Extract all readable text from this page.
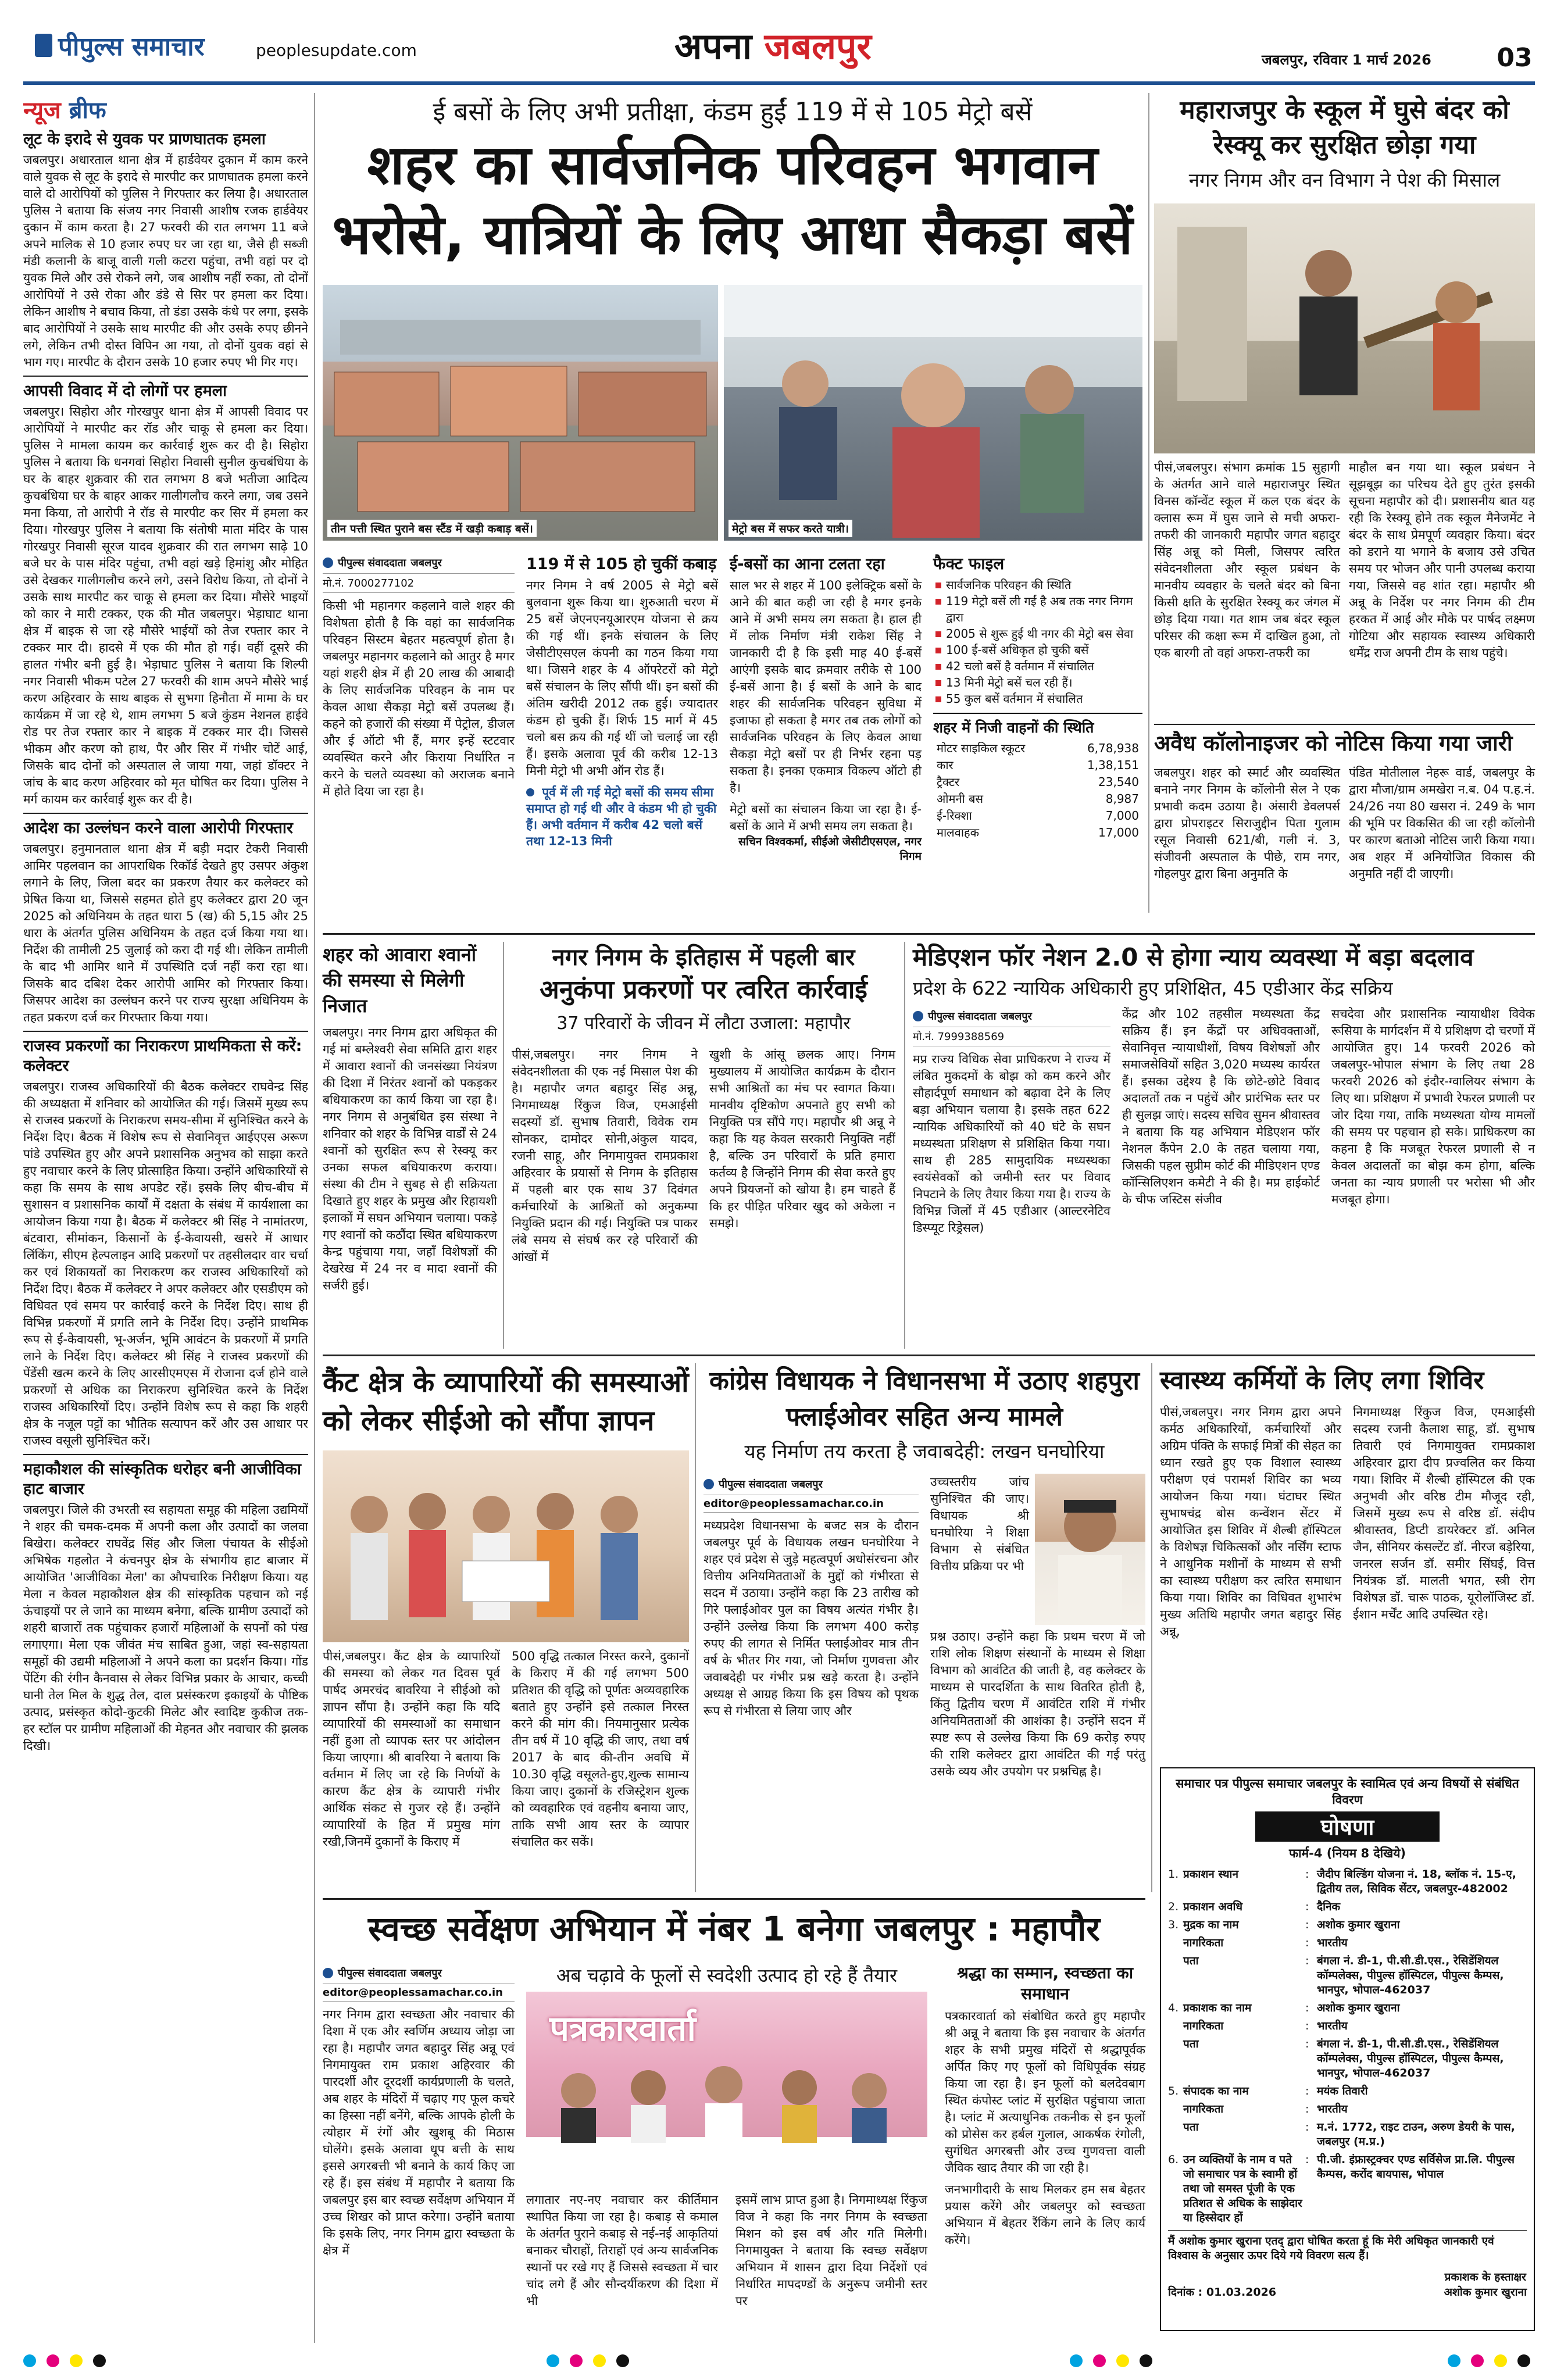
पीपुल्स समाचार	peoplesupdate.com	अपना जबलपुर	जबलपुर, रविवार 1 मार्च 2026	03
न्यूज ब्रीफ
लूट के इरादे से युवक पर प्राणघातक हमला
जबलपुर। अधारताल थाना क्षेत्र में हार्डवेयर दुकान में काम करने वाले युवक से लूट के इरादे से मारपीट कर प्राणघातक हमला करने वाले दो आरोपियों को पुलिस ने गिरफ्तार कर लिया है। अधारताल पुलिस ने बताया कि संजय नगर निवासी आशीष रजक हार्डवेयर दुकान में काम करता है। 27 फरवरी की रात लगभग 11 बजे अपने मालिक से 10 हजार रुपए घर जा रहा था, जैसे ही सब्जी मंडी कलानी के बाजू वाली गली कटरा पहुंचा, तभी वहां पर दो युवक मिले और उसे रोकने लगे, जब आशीष नहीं रुका, तो दोनों आरोपियों ने उसे रोका और डंडे से सिर पर हमला कर दिया। लेकिन आशीष ने बचाव किया, तो डंडा उसके कंधे पर लगा, इसके बाद आरोपियों ने उसके साथ मारपीट की और उसके रुपए छीनने लगे, लेकिन तभी दोस्त विपिन आ गया, तो दोनों युवक वहां से भाग गए। मारपीट के दौरान उसके 10 हजार रुपए भी गिर गए।
आपसी विवाद में दो लोगों पर हमला
जबलपुर। सिहोरा और गोरखपुर थाना क्षेत्र में आपसी विवाद पर आरोपियों ने मारपीट कर रॉड और चाकू से हमला कर दिया। पुलिस ने मामला कायम कर कार्रवाई शुरू कर दी है। सिहोरा पुलिस ने बताया कि धनगवां सिहोरा निवासी सुनील कुचबंधिया के घर के बाहर शुक्रवार की रात लगभग 8 बजे भतीजा आदित्य कुचबंधिया घर के बाहर आकर गालीगलौच करने लगा, जब उसने मना किया, तो आरोपी ने रॉड से मारपीट कर सिर में हमला कर दिया। गोरखपुर पुलिस ने बताया कि संतोषी माता मंदिर के पास गोरखपुर निवासी सूरज यादव शुक्रवार की रात लगभग साढ़े 10 बजे घर के पास मंदिर पहुंचा, तभी वहां खड़े हिमांशु और मोहित उसे देखकर गालीगलौच करने लगे, उसने विरोध किया, तो दोनों ने उसके साथ मारपीट कर चाकू से हमला कर दिया। मौसेरे भाइयों को कार ने मारी टक्कर, एक की मौत जबलपुर। भेड़ाघाट थाना क्षेत्र में बाइक से जा रहे मौसेरे भाईयों को तेज रफ्तार कार ने टक्कर मार दी। हादसे में एक की मौत हो गई। वहीं दूसरे की हालत गंभीर बनी हुई है। भेड़ाघाट पुलिस ने बताया कि शिल्पी नगर निवासी भीकम पटेल 27 फरवरी की शाम अपने मौसेरे भाई करण अहिरवार के साथ बाइक से सुभगा हिनौता में मामा के घर कार्यक्रम में जा रहे थे, शाम लगभग 5 बजे कुंडम नेशनल हाईवे रोड पर तेज रफ्तार कार ने बाइक में टक्कर मार दी। जिससे भीकम और करण को हाथ, पैर और सिर में गंभीर चोटें आई, जिसके बाद दोनों को अस्पताल ले जाया गया, जहां डॉक्टर ने जांच के बाद करण अहिरवार को मृत घोषित कर दिया। पुलिस ने मर्ग कायम कर कार्रवाई शुरू कर दी है।
आदेश का उल्लंघन करने वाला आरोपी गिरफ्तार
जबलपुर। हनुमानताल थाना क्षेत्र में बड़ी मदार टेकरी निवासी आमिर पहलवान का आपराधिक रिकॉर्ड देखते हुए उसपर अंकुश लगाने के लिए, जिला बदर का प्रकरण तैयार कर कलेक्टर को प्रेषित किया था, जिससे सहमत होते हुए कलेक्टर द्वारा 20 जून 2025 को अधिनियम के तहत धारा 5 (ख) की 5,15 और 25 धारा के अंतर्गत पुलिस अधिनियम के तहत दर्ज किया गया था। निर्देश की तामीली 25 जुलाई को करा दी गई थी। लेकिन तामीली के बाद भी आमिर थाने में उपस्थिति दर्ज नहीं करा रहा था। जिसके बाद दबिश देकर आरोपी आमिर को गिरफ्तार किया। जिसपर आदेश का उल्लंघन करने पर राज्य सुरक्षा अधिनियम के तहत प्रकरण दर्ज कर गिरफ्तार किया गया।
राजस्व प्रकरणों का निराकरण प्राथमिकता से करें: कलेक्टर
जबलपुर। राजस्व अधिकारियों की बैठक कलेक्टर राघवेन्द्र सिंह की अध्यक्षता में शनिवार को आयोजित की गई। जिसमें मुख्य रूप से राजस्व प्रकरणों के निराकरण समय-सीमा में सुनिश्चित करने के निर्देश दिए। बैठक में विशेष रूप से सेवानिवृत्त आईएएस अरूण पांडे उपस्थित हुए और अपने प्रशासनिक अनुभव को साझा करते हुए नवाचार करने के लिए प्रोत्साहित किया। उन्होंने अधिकारियों से कहा कि समय के साथ अपडेट रहें। इसके लिए बीच-बीच में सुशासन व प्रशासनिक कार्यों में दक्षता के संबंध में कार्यशाला का आयोजन किया गया है। बैठक में कलेक्टर श्री सिंह ने नामांतरण, बंटवारा, सीमांकन, किसानों के ई-केवायसी, खसरे में आधार लिंकिंग, सीएम हेल्पलाइन आदि प्रकरणों पर तहसीलदार वार चर्चा कर एवं शिकायतों का निराकरण कर राजस्व अधिकारियों को निर्देश दिए। बैठक में कलेक्टर ने अपर कलेक्टर और एसडीएम को विधिवत एवं समय पर कार्रवाई करने के निर्देश दिए। साथ ही विभिन्न प्रकरणों में प्रगति लाने के निर्देश दिए। उन्होंने प्राथमिक रूप से ई-केवायसी, भू-अर्जन, भूमि आवंटन के प्रकरणों में प्रगति लाने के निर्देश दिए। कलेक्टर श्री सिंह ने राजस्व प्रकरणों की पेंडेंसी खत्म करने के लिए आरसीएमएस में रोजाना दर्ज होने वाले प्रकरणों से अधिक का निराकरण सुनिश्चित करने के निर्देश राजस्व अधिकारियों दिए। उन्होंने विशेष रूप से कहा कि शहरी क्षेत्र के नजूल पट्टों का भौतिक सत्यापन करें और उस आधार पर राजस्व वसूली सुनिश्चित करें।
महाकौशल की सांस्कृतिक धरोहर बनी आजीविका हाट बाजार
जबलपुर। जिले की उभरती स्व सहायता समूह की महिला उद्यमियों ने शहर की चमक-दमक में अपनी कला और उत्पादों का जलवा बिखेरा। कलेक्टर राघवेंद्र सिंह और जिला पंचायत के सीईओ अभिषेक गहलोत ने कंचनपुर क्षेत्र के संभागीय हाट बाजार में आयोजित 'आजीविका मेला' का औपचारिक निरीक्षण किया। यह मेला न केवल महाकौशल क्षेत्र की सांस्कृतिक पहचान को नई ऊंचाइयों पर ले जाने का माध्यम बनेगा, बल्कि ग्रामीण उत्पादों को शहरी बाजारों तक पहुंचाकर हजारों महिलाओं के सपनों को पंख लगाएगा। मेला एक जीवंत मंच साबित हुआ, जहां स्व-सहायता समूहों की उद्यमी महिलाओं ने अपने कला का प्रदर्शन किया। गोंड पेंटिंग की रंगीन कैनवास से लेकर विभिन्न प्रकार के आचार, कच्ची घानी तेल मिल के शुद्ध तेल, दाल प्रसंस्करण इकाइयों के पौष्टिक उत्पाद, प्रसंस्कृत कोदो-कुटकी मिलेट और स्वादिष्ट कुकीज तक-हर स्टॉल पर ग्रामीण महिलाओं की मेहनत और नवाचार की झलक दिखी।
ई बसों के लिए अभी प्रतीक्षा, कंडम हुईं 119 में से 105 मेट्रो बसें
शहर का सार्वजनिक परिवहन भगवान
भरोसे, यात्रियों के लिए आधा सैकड़ा बसें
तीन पत्ती स्थित पुराने बस स्टैंड में खड़ी कबाड़ बसें।	मेट्रो बस में सफर करते यात्री।
पीपुल्स संवाददाता जबलपुर
मो.नं. 7000277102
किसी भी महानगर कहलाने वाले शहर की विशेषता होती है कि वहां का सार्वजनिक परिवहन सिस्टम बेहतर महत्वपूर्ण होता है। जबलपुर महानगर कहलाने को आतुर है मगर यहां शहरी क्षेत्र में ही 20 लाख की आबादी के लिए सार्वजनिक परिवहन के नाम पर केवल आधा सैकड़ा मेट्रो बसें उपलब्ध हैं। कहने को हजारों की संख्या में पेट्रोल, डीजल और ई ऑटो भी हैं, मगर इन्हें स्टटवार व्यवस्थित करने और किराया निर्धारित न करने के चलते व्यवस्था को अराजक बनाने में होते दिया जा रहा है।
119 में से 105 हो चुकीं कबाड़
नगर निगम ने वर्ष 2005 से मेट्रो बसें बुलवाना शुरू किया था। शुरुआती चरण में 25 बसें जेएनएनयूआरएम योजना से क्रय की गई थीं। इनके संचालन के लिए जेसीटीएसएल कंपनी का गठन किया गया था। जिसने शहर के 4 ऑपरेटरों को मेट्रो बसें संचालन के लिए सौंपी थीं। इन बसों की अंतिम खरीदी 2012 तक हुई। ज्यादातर कंडम हो चुकी हैं। शिर्फ 15 मार्ग में 45 चलो बस क्रय की गई थीं जो चलाई जा रही हैं। इसके अलावा पूर्व की करीब 12-13 मिनी मेट्रो भी अभी ऑन रोड हैं।
पूर्व में ली गई मेट्रो बसों की समय सीमा समाप्त हो गई थी और वे कंडम भी हो चुकी हैं। अभी वर्तमान में करीब 42 चलो बसें तथा 12-13 मिनी
ई-बसों का आना टलता रहा
साल भर से शहर में 100 इलेक्ट्रिक बसों के आने की बात कही जा रही है मगर इनके आने में अभी समय लग सकता है। हाल ही में लोक निर्माण मंत्री राकेश सिंह ने जानकारी दी है कि इसी माह 40 ई-बसें आएंगी इसके बाद क्रमवार तरीके से 100 ई-बसें आना है। ई बसों के आने के बाद शहर की सार्वजनिक परिवहन सुविधा में इजाफा हो सकता है मगर तब तक लोगों को सार्वजनिक परिवहन के लिए केवल आधा सैकड़ा मेट्रो बसों पर ही निर्भर रहना पड़ सकता है। इनका एकमात्र विकल्प ऑटो ही है।
मेट्रो बसों का संचालन किया जा रहा है। ई-बसों के आने में अभी समय लग सकता है।
सचिन विश्वकर्मा, सीईओ जेसीटीएसएल, नगर निगम
फैक्ट फाइल
सार्वजनिक परिवहन की स्थिति
119 मेट्रो बसें ली गईं है अब तक नगर निगम द्वारा
2005 से शुरू हुई थी नगर की मेट्रो बस सेवा
100 ई-बसें अधिकृत हो चुकी बसें
42 चलो बसें है वर्तमान में संचालित
13 मिनी मेट्रो बसें चल रही हैं।
55 कुल बसें वर्तमान में संचालित
शहर में निजी वाहनों की स्थिति
मोटर साइकिल स्कूटर	6,78,938
कार	1,38,151
ट्रैक्टर	23,540
ओमनी बस	8,987
ई-रिक्शा	7,000
मालवाहक	17,000
महाराजपुर के स्कूल में घुसे बंदर को रेस्क्यू कर सुरक्षित छोड़ा गया
नगर निगम और वन विभाग ने पेश की मिसाल
पीसं,जबलपुर। संभाग क्रमांक 15 सुहागी के अंतर्गत आने वाले महाराजपुर स्थित विनस कॉन्वेंट स्कूल में कल एक बंदर के क्लास रूम में घुस जाने से मची अफरा-तफरी की जानकारी महापौर जगत बहादुर सिंह अन्नू को मिली, जिसपर त्वरित संवेदनशीलता और स्कूल प्रबंधन के मानवीय व्यवहार के चलते बंदर को बिना किसी क्षति के सुरक्षित रेस्क्यू कर जंगल में छोड़ दिया गया। गत शाम जब बंदर स्कूल परिसर की कक्षा रूम में दाखिल हुआ, तो एक बारगी तो वहां अफरा-तफरी का
माहौल बन गया था। स्कूल प्रबंधन ने सूझबूझ का परिचय देते हुए तुरंत इसकी सूचना महापौर को दी। प्रशासनीय बात यह रही कि रेस्क्यू होने तक स्कूल मैनेजमेंट ने बंदर के साथ प्रेमपूर्ण व्यवहार किया। बंदर को डराने या भगाने के बजाय उसे उचित समय पर भोजन और पानी उपलब्ध कराया गया, जिससे वह शांत रहा। महापौर श्री अन्नू के निर्देश पर नगर निगम की टीम हरकत में आई और मौके पर पार्षद लक्ष्मण गोटिया और सहायक स्वास्थ्य अधिकारी धर्मेंद्र राज अपनी टीम के साथ पहुंचे।
अवैध कॉलोनाइजर को नोटिस किया गया जारी
जबलपुर। शहर को स्मार्ट और व्यवस्थित बनाने नगर निगम के कॉलोनी सेल ने एक प्रभावी कदम उठाया है। अंसारी डेवलपर्स द्वारा प्रोपराइटर सिराजुद्दीन पिता गुलाम रसूल निवासी 621/बी, गली नं. 3, संजीवनी अस्पताल के पीछे, राम नगर, गोहलपुर द्वारा बिना अनुमति के
पंडित मोतीलाल नेहरू वार्ड, जबलपुर के द्वारा मौजा/ग्राम अमखेरा न.ब. 04 प.ह.नं. 24/26 नया 80 खसरा नं. 249 के भाग की भूमि पर विकसित की जा रही कॉलोनी पर कारण बताओ नोटिस जारी किया गया। अब शहर में अनियोजित विकास की अनुमति नहीं दी जाएगी।
शहर को आवारा श्वानों की समस्या से मिलेगी निजात
जबलपुर। नगर निगम द्वारा अधिकृत की गई मां बम्लेश्वरी सेवा समिति द्वारा शहर में आवारा श्वानों की जनसंख्या नियंत्रण की दिशा में निरंतर श्वानों को पकड़कर बधियाकरण का कार्य किया जा रहा है। नगर निगम से अनुबंधित इस संस्था ने शनिवार को शहर के विभिन्न वार्डों से 24 श्वानों को सुरक्षित रूप से रेस्क्यू कर उनका सफल बधियाकरण कराया। संस्था की टीम ने सुबह से ही सक्रियता दिखाते हुए शहर के प्रमुख और रिहायशी इलाकों में सघन अभियान चलाया। पकड़े गए श्वानों को कठौंदा स्थित बधियाकरण केन्द्र पहुंचाया गया, जहाँ विशेषज्ञों की देखरेख में 24 नर व मादा श्वानों की सर्जरी हुई।
नगर निगम के इतिहास में पहली बार
अनुकंपा प्रकरणों पर त्वरित कार्रवाई
37 परिवारों के जीवन में लौटा उजाला: महापौर
पीसं,जबलपुर। नगर निगम ने संवेदनशीलता की एक नई मिसाल पेश की है। महापौर जगत बहादुर सिंह अन्नू, निगमाध्यक्ष रिंकुज विज, एमआईसी सदस्यों डॉ. सुभाष तिवारी, विवेक राम सोनकर, दामोदर सोनी,अंकुल यादव, रजनी साहू, और निगमायुक्त रामप्रकाश अहिरवार के प्रयासों से निगम के इतिहास में पहली बार एक साथ 37 दिवंगत कर्मचारियों के आश्रितों को अनुकम्पा नियुक्ति प्रदान की गई। नियुक्ति पत्र पाकर लंबे समय से संघर्ष कर रहे परिवारों की आंखों में
खुशी के आंसू छलक आए। निगम मुख्यालय में आयोजित कार्यक्रम के दौरान सभी आश्रितों का मंच पर स्वागत किया। मानवीय दृष्टिकोण अपनाते हुए सभी को नियुक्ति पत्र सौंपे गए। महापौर श्री अन्नू ने कहा कि यह केवल सरकारी नियुक्ति नहीं है, बल्कि उन परिवारों के प्रति हमारा कर्तव्य है जिन्होंने निगम की सेवा करते हुए अपने प्रियजनों को खोया है। हम चाहते हैं कि हर पीड़ित परिवार खुद को अकेला न समझे।
मेडिएशन फॉर नेशन 2.0 से होगा न्याय व्यवस्था में बड़ा बदलाव
प्रदेश के 622 न्यायिक अधिकारी हुए प्रशिक्षित, 45 एडीआर केंद्र सक्रिय
पीपुल्स संवाददाता जबलपुर
मो.नं. 7999388569
मप्र राज्य विधिक सेवा प्राधिकरण ने राज्य में लंबित मुकदमों के बोझ को कम करने और सौहार्दपूर्ण समाधान को बढ़ावा देने के लिए बड़ा अभियान चलाया है। इसके तहत 622 न्यायिक अधिकारियों को 40 घंटे के सघन मध्यस्थता प्रशिक्षण से प्रशिक्षित किया गया। साथ ही 285 सामुदायिक मध्यस्थका स्वयंसेवकों को जमीनी स्तर पर विवाद निपटाने के लिए तैयार किया गया है। राज्य के विभिन्न जिलों में 45 एडीआर (आल्टरनेटिव डिस्प्यूट रिड्रेसल)
केंद्र और 102 तहसील मध्यस्थता केंद्र सक्रिय हैं। इन केंद्रों पर अधिवक्ताओं, सेवानिवृत्त न्यायाधीशों, विषय विशेषज्ञों और समाजसेवियों सहित 3,020 मध्यस्थ कार्यरत हैं। इसका उद्देश्य है कि छोटे-छोटे विवाद अदालतों तक न पहुंचें और प्रारंभिक स्तर पर ही सुलझ जाएं। सदस्य सचिव सुमन श्रीवास्तव ने बताया कि यह अभियान मेडिएशन फॉर नेशनल कैंपेन 2.0 के तहत चलाया गया, जिसकी पहल सुप्रीम कोर्ट की मीडिएशन एण्ड कॉन्सिलिएशन कमेटी ने की है। मप्र हाईकोर्ट के चीफ जस्टिस संजीव
सचदेवा और प्रशासनिक न्यायाधीश विवेक रूसिया के मार्गदर्शन में ये प्रशिक्षण दो चरणों में आयोजित हुए। 14 फरवरी 2026 को जबलपुर-भोपाल संभाग के लिए तथा 28 फरवरी 2026 को इंदौर-ग्वालियर संभाग के लिए था। प्रशिक्षण में प्रभावी रेफरल प्रणाली पर जोर दिया गया, ताकि मध्यस्थता योग्य मामलों की समय पर पहचान हो सके। प्राधिकरण का कहना है कि मजबूत रेफरल प्रणाली से न केवल अदालतों का बोझ कम होगा, बल्कि जनता का न्याय प्रणाली पर भरोसा भी और मजबूत होगा।
कैंट क्षेत्र के व्यापारियों की समस्याओं को लेकर सीईओ को सौंपा ज्ञापन
पीसं,जबलपुर। कैंट क्षेत्र के व्यापारियों की समस्या को लेकर गत दिवस पूर्व पार्षद अमरचंद बावरिया ने सीईओ को ज्ञापन सौंपा है। उन्होंने कहा कि यदि व्यापारियों की समस्याओं का समाधान नहीं हुआ तो व्यापक स्तर पर आंदोलन किया जाएगा। श्री बावरिया ने बताया कि वर्तमान में लिए जा रहे कि निर्णयों के कारण कैंट क्षेत्र के व्यापारी गंभीर आर्थिक संकट से गुजर रहे हैं। उन्होंने व्यापारियों के हित में प्रमुख मांग रखी,जिनमें दुकानों के किराए में
500 वृद्धि तत्काल निरस्त करने, दुकानों के किराए में की गई लगभग 500 प्रतिशत की वृद्धि को पूर्णतः अव्यवहारिक बताते हुए उन्होंने इसे तत्काल निरस्त करने की मांग की। नियमानुसार प्रत्येक तीन वर्ष में 10 वृद्धि की जाए, तथा वर्ष 2017 के बाद की-तीन अवधि में 10.30 वृद्धि वसूलते-हुए,शुल्क सामान्य किया जाए। दुकानों के रजिस्ट्रेशन शुल्क को व्यवहारिक एवं वहनीय बनाया जाए, ताकि सभी आय स्तर के व्यापार संचालित कर सकें।
कांग्रेस विधायक ने विधानसभा में उठाए शहपुरा फ्लाईओवर सहित अन्य मामले
यह निर्माण तय करता है जवाबदेही: लखन घनघोरिया
पीपुल्स संवाददाता जबलपुर
editor@peoplessamachar.co.in
मध्यप्रदेश विधानसभा के बजट सत्र के दौरान जबलपुर पूर्व के विधायक लखन घनघोरिया ने शहर एवं प्रदेश से जुड़े महत्वपूर्ण अधोसंरचना और वित्तीय अनियमितताओं के मुद्दों को गंभीरता से सदन में उठाया। उन्होंने कहा कि 23 तारीख को गिरे फ्लाईओवर पुल का विषय अत्यंत गंभीर है। उन्होंने उल्लेख किया कि लगभग 400 करोड़ रुपए की लागत से निर्मित फ्लाईओवर मात्र तीन वर्ष के भीतर गिर गया, जो निर्माण गुणवत्ता और जवाबदेही पर गंभीर प्रश्न खड़े करता है। उन्होंने अध्यक्ष से आग्रह किया कि इस विषय को पृथक रूप से गंभीरता से लिया जाए और
उच्चस्तरीय जांच सुनिश्चित की जाए। विधायक श्री घनघोरिया ने शिक्षा विभाग से संबंधित वित्तीय प्रक्रिया पर भी
प्रश्न उठाए। उन्होंने कहा कि प्रथम चरण में जो राशि लोक शिक्षण संस्थानों के माध्यम से शिक्षा विभाग को आवंटित की जाती है, वह कलेक्टर के माध्यम से पारदर्शिता के साथ वितरित होती है, किंतु द्वितीय चरण में आवंटित राशि में गंभीर अनियमितताओं की आशंका है। उन्होंने सदन में स्पष्ट रूप से उल्लेख किया कि 69 करोड़ रुपए की राशि कलेक्टर द्वारा आवंटित की गई परंतु उसके व्यय और उपयोग पर प्रश्नचिह्न है।
स्वास्थ्य कर्मियों के लिए लगा शिविर
पीसं,जबलपुर। नगर निगम द्वारा अपने कर्मठ अधिकारियों, कर्मचारियों और अग्रिम पंक्ति के सफाई मित्रों की सेहत का ध्यान रखते हुए एक विशाल स्वास्थ्य परीक्षण एवं परामर्श शिविर का भव्य आयोजन किया गया। घंटाघर स्थित सुभाषचंद्र बोस कन्वेंशन सेंटर में आयोजित इस शिविर में शैल्बी हॉस्पिटल के विशेषज्ञ चिकित्सकों और नर्सिंग स्टाफ ने आधुनिक मशीनों के माध्यम से सभी का स्वास्थ्य परीक्षण कर त्वरित समाधान किया गया। शिविर का विधिवत शुभारंभ मुख्य अतिथि महापौर जगत बहादुर सिंह अन्नू,
निगमाध्यक्ष रिंकुज विज, एमआईसी सदस्य रजनी कैलाश साहू, डॉ. सुभाष तिवारी एवं निगमायुक्त रामप्रकाश अहिरवार द्वारा दीप प्रज्वलित कर किया गया। शिविर में शैल्बी हॉस्पिटल की एक अनुभवी और वरिष्ठ टीम मौजूद रही, जिसमें मुख्य रूप से वरिष्ठ डॉ. संदीप श्रीवास्तव, डिप्टी डायरेक्टर डॉ. अनिल जैन, सीनियर कंसल्टेंट डॉ. नीरज बड़ेरिया, जनरल सर्जन डॉ. समीर सिंघई, वित्त नियंत्रक डॉ. मालती भगत, स्त्री रोग विशेषज्ञ डॉ. चारू पाठक, यूरोलॉजिस्ट डॉ. ईशान मर्चेंट आदि उपस्थित रहे।
समाचार पत्र पीपुल्स समाचार जबलपुर के स्वामित्व एवं अन्य विषयों से संबंधित विवरण
घोषणा
फार्म-4 (नियम 8 देखिये)
1. प्रकाशन स्थान	: जैदीप बिल्डिंग योजना नं. 18, ब्लॉक नं. 15-ए, द्वितीय तल, सिविक सेंटर, जबलपुर-482002
2. प्रकाशन अवधि	: दैनिक
3. मुद्रक का नाम	: अशोक कुमार खुराना
नागरिकता	: भारतीय
पता	: बंगला नं. डी-1, पी.सी.डी.एस., रेसिडेंशियल कॉम्पलेक्स, पीपुल्स हॉस्पिटल, पीपुल्स कैम्पस, भानपुर, भोपाल-462037
4. प्रकाशक का नाम	: अशोक कुमार खुराना
नागरिकता	: भारतीय
पता	: बंगला नं. डी-1, पी.सी.डी.एस., रेसिडेंशियल कॉम्पलेक्स, पीपुल्स हॉस्पिटल, पीपुल्स कैम्पस, भानपुर, भोपाल-462037
5. संपादक का नाम	: मयंक तिवारी
नागरिकता	: भारतीय
पता	: म.नं. 1772, राइट टाउन, अरुण डेयरी के पास, जबलपुर (म.प्र.)
6. उन व्यक्तियों के नाम व पते जो समाचार पत्र के स्वामी हों तथा जो समस्त पूंजी के एक प्रतिशत से अधिक के साझेदार या हिस्सेदार हों
: पी.जी. इंफ्रास्ट्रक्चर एण्ड सर्विसेज प्रा.लि. पीपुल्स कैम्पस, करोंद बायपास, भोपाल
मैं अशोक कुमार खुराना एतद् द्वारा घोषित करता हूं कि मेरी अधिकृत जानकारी एवं विश्वास के अनुसार ऊपर दिये गये विवरण सत्य हैं।
दिनांक : 01.03.2026
प्रकाशक के हस्ताक्षर
अशोक कुमार खुराना
स्वच्छ सर्वेक्षण अभियान में नंबर 1 बनेगा जबलपुर : महापौर
पीपुल्स संवाददाता जबलपुर
editor@peoplessamachar.co.in
नगर निगम द्वारा स्वच्छता और नवाचार की दिशा में एक और स्वर्णिम अध्याय जोड़ा जा रहा है। महापौर जगत बहादुर सिंह अन्नू एवं निगमायुक्त राम प्रकाश अहिरवार की पारदर्शी और दूरदर्शी कार्यप्रणाली के चलते, अब शहर के मंदिरों में चढ़ाए गए फूल कचरे का हिस्सा नहीं बनेंगे, बल्कि आपके होली के त्योहार में रंगों और खुशबू की मिठास घोलेंगे। इसके अलावा धूप बत्ती के साथ इससे अगरबत्ती भी बनाने के कार्य किए जा रहे हैं। इस संबंध में महापौर ने बताया कि जबलपुर इस बार स्वच्छ सर्वेक्षण अभियान में उच्च शिखर को प्राप्त करेगा। उन्होंने बताया कि इसके लिए, नगर निगम द्वारा स्वच्छता के क्षेत्र में
अब चढ़ावे के फूलों से स्वदेशी उत्पाद हो रहे हैं तैयार
पत्रकारवार्ता
लगातार नए-नए नवाचार कर कीर्तिमान स्थापित किया जा रहा है। कबाड़ से कमाल के अंतर्गत पुराने कबाड़ से नई-नई आकृतियां बनाकर चौराहों, तिराहों एवं अन्य सार्वजनिक स्थानों पर रखे गए हैं जिससे स्वच्छता में चार चांद लगे हैं और सौन्दर्यीकरण की दिशा में भी
इसमें लाभ प्राप्त हुआ है। निगमाध्यक्ष रिंकुज विज ने कहा कि नगर निगम के स्वच्छता मिशन को इस वर्ष और गति मिलेगी। निगमायुक्त ने बताया कि स्वच्छ सर्वेक्षण अभियान में शासन द्वारा दिया निर्देशों एवं निर्धारित मापदण्डों के अनुरूप जमीनी स्तर पर
श्रद्धा का सम्मान, स्वच्छता का समाधान
पत्रकारवार्ता को संबोधित करते हुए महापौर श्री अन्नू ने बताया कि इस नवाचार के अंतर्गत शहर के सभी प्रमुख मंदिरों से श्रद्धापूर्वक अर्पित किए गए फूलों को विधिपूर्वक संग्रह किया जा रहा है। इन फूलों को बलदेवबाग स्थित कंपोस्ट प्लांट में सुरक्षित पहुंचाया जाता है। प्लांट में अत्याधुनिक तकनीक से इन फूलों को प्रोसेस कर हर्बल गुलाल, आकर्षक रंगोली, सुगंधित अगरबत्ती और उच्च गुणवत्ता वाली जैविक खाद तैयार की जा रही है।
जनभागीदारी के साथ मिलकर हम सब बेहतर प्रयास करेंगे और जबलपुर को स्वच्छता अभियान में बेहतर रैंकिंग लाने के लिए कार्य करेंगे।
